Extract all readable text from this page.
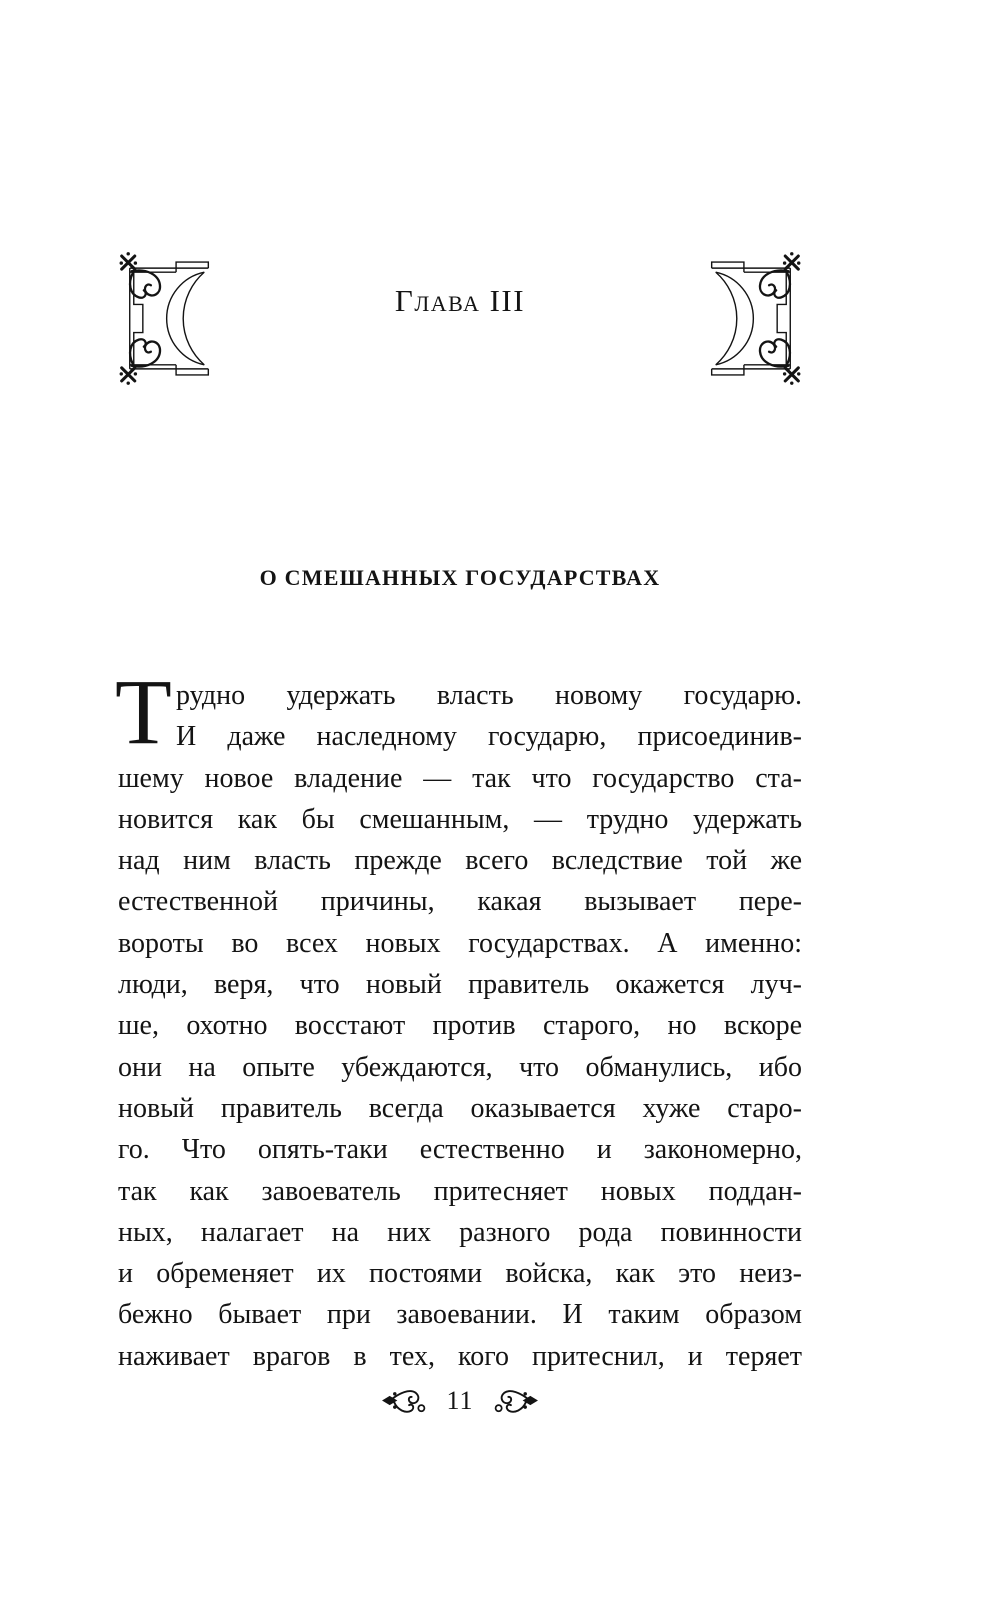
Глава III
О СМЕШАННЫХ ГОСУДАРСТВАХ
Т рудно удержать власть новому государю.
И даже наследному государю, присоединив-
шему новое владение — так что государство ста-
новится как бы смешанным, — трудно удержать
над ним власть прежде всего вследствие той же
естественной причины, какая вызывает пере-
вороты во всех новых государствах. А именно:
люди, веря, что новый правитель окажется луч-
ше, охотно восстают против старого, но вскоре
они на опыте убеждаются, что обманулись, ибо
новый правитель всегда оказывается хуже старо-
го. Что опять-таки естественно и закономерно,
так как завоеватель притесняет новых поддан-
ных, налагает на них разного рода повинности
и обременяет их постоями войска, как это неиз-
бежно бывает при завоевании. И таким образом
наживает врагов в тех, кого притеснил, и теряет
11
